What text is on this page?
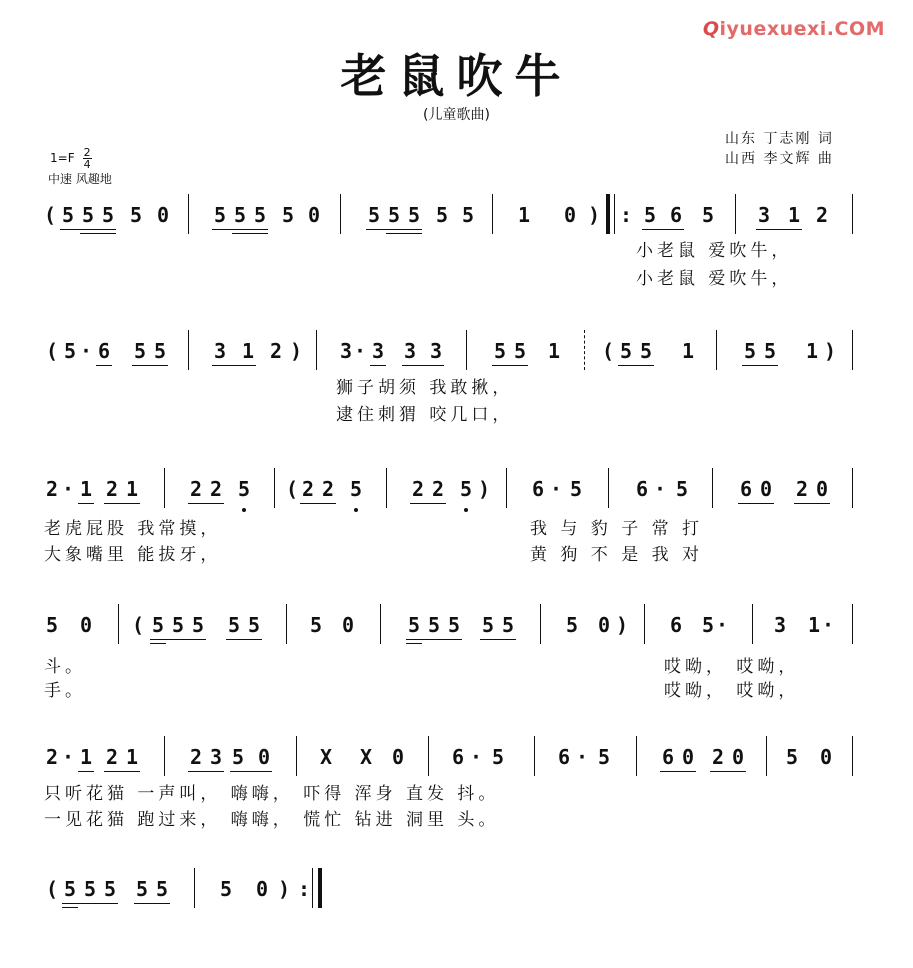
Qiyuexuexi.COM
老鼠吹牛
(儿童歌曲)
山东 丁志刚 词
山西 李文辉 曲
$1=F \frac{2}{4}$
中速 风趣地
( 5 5 5 5 0 5 5 5 5 0 5 5 5 5 5 1 0 ) : 5 6 5 3 1 2
小老鼠 爱吹牛，
小老鼠 爱吹牛，
( 5 · 6 5 5 3 1 2 ) 3 · 3 3 3	5 5 1 ( 5 5 1 5 5 1 )
狮子胡须 我敢揪，
逮住刺猬 咬几口，
2 · 1 2 1	2 2 5 ( 2 2 5 2 2 5 ) 6 · 5	6 · 5	6 0 2 0
老虎屁股 我常摸，
大象嘴里 能拔牙，
我 与 豹 子 常 打
黄 狗 不 是 我 对
5 0 ( 5 5 5 5 5 5 0	5 5 5 5 5	5 0 ) 6 5 · 3 1 ·
斗。
手。
哎呦， 哎呦，
哎呦， 哎呦，
2 · 1 2 1	2 3 5 0 X X 0 6 · 5	6 · 5	6 0 2 0 5 0
只听花猫 一声叫， 嗨嗨， 吓得 浑身 直发 抖。
一见花猫 跑过来， 嗨嗨， 慌忙 钻进 洞里 头。
( 5 5 5 5 5	5 0 ) :
